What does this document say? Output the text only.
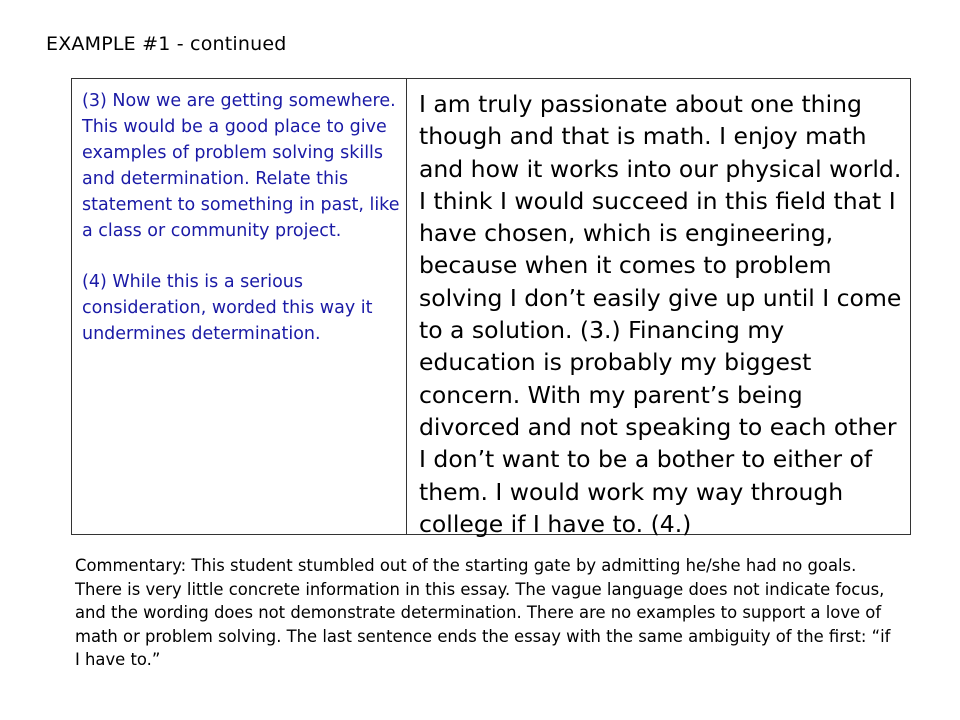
EXAMPLE #1 - continued

(3) Now we are getting somewhere. This would be a good place to give examples of problem solving skills and determination. Relate this statement to something in past, like a class or community project.

(4) While this is a serious consideration, worded this way it undermines determination.

I am truly passionate about one thing though and that is math. I enjoy math and how it works into our physical world. I think I would succeed in this field that I have chosen, which is engineering, because when it comes to problem solving I don’t easily give up until I come to a solution. (3.) Financing my education is probably my biggest concern. With my parent’s being divorced and not speaking to each other I don’t want to be a bother to either of them. I would work my way through college if I have to. (4.)

Commentary: This student stumbled out of the starting gate by admitting he/she had no goals. There is very little concrete information in this essay. The vague language does not indicate focus, and the wording does not demonstrate determination. There are no examples to support a love of math or problem solving. The last sentence ends the essay with the same ambiguity of the first: “if I have to.”
